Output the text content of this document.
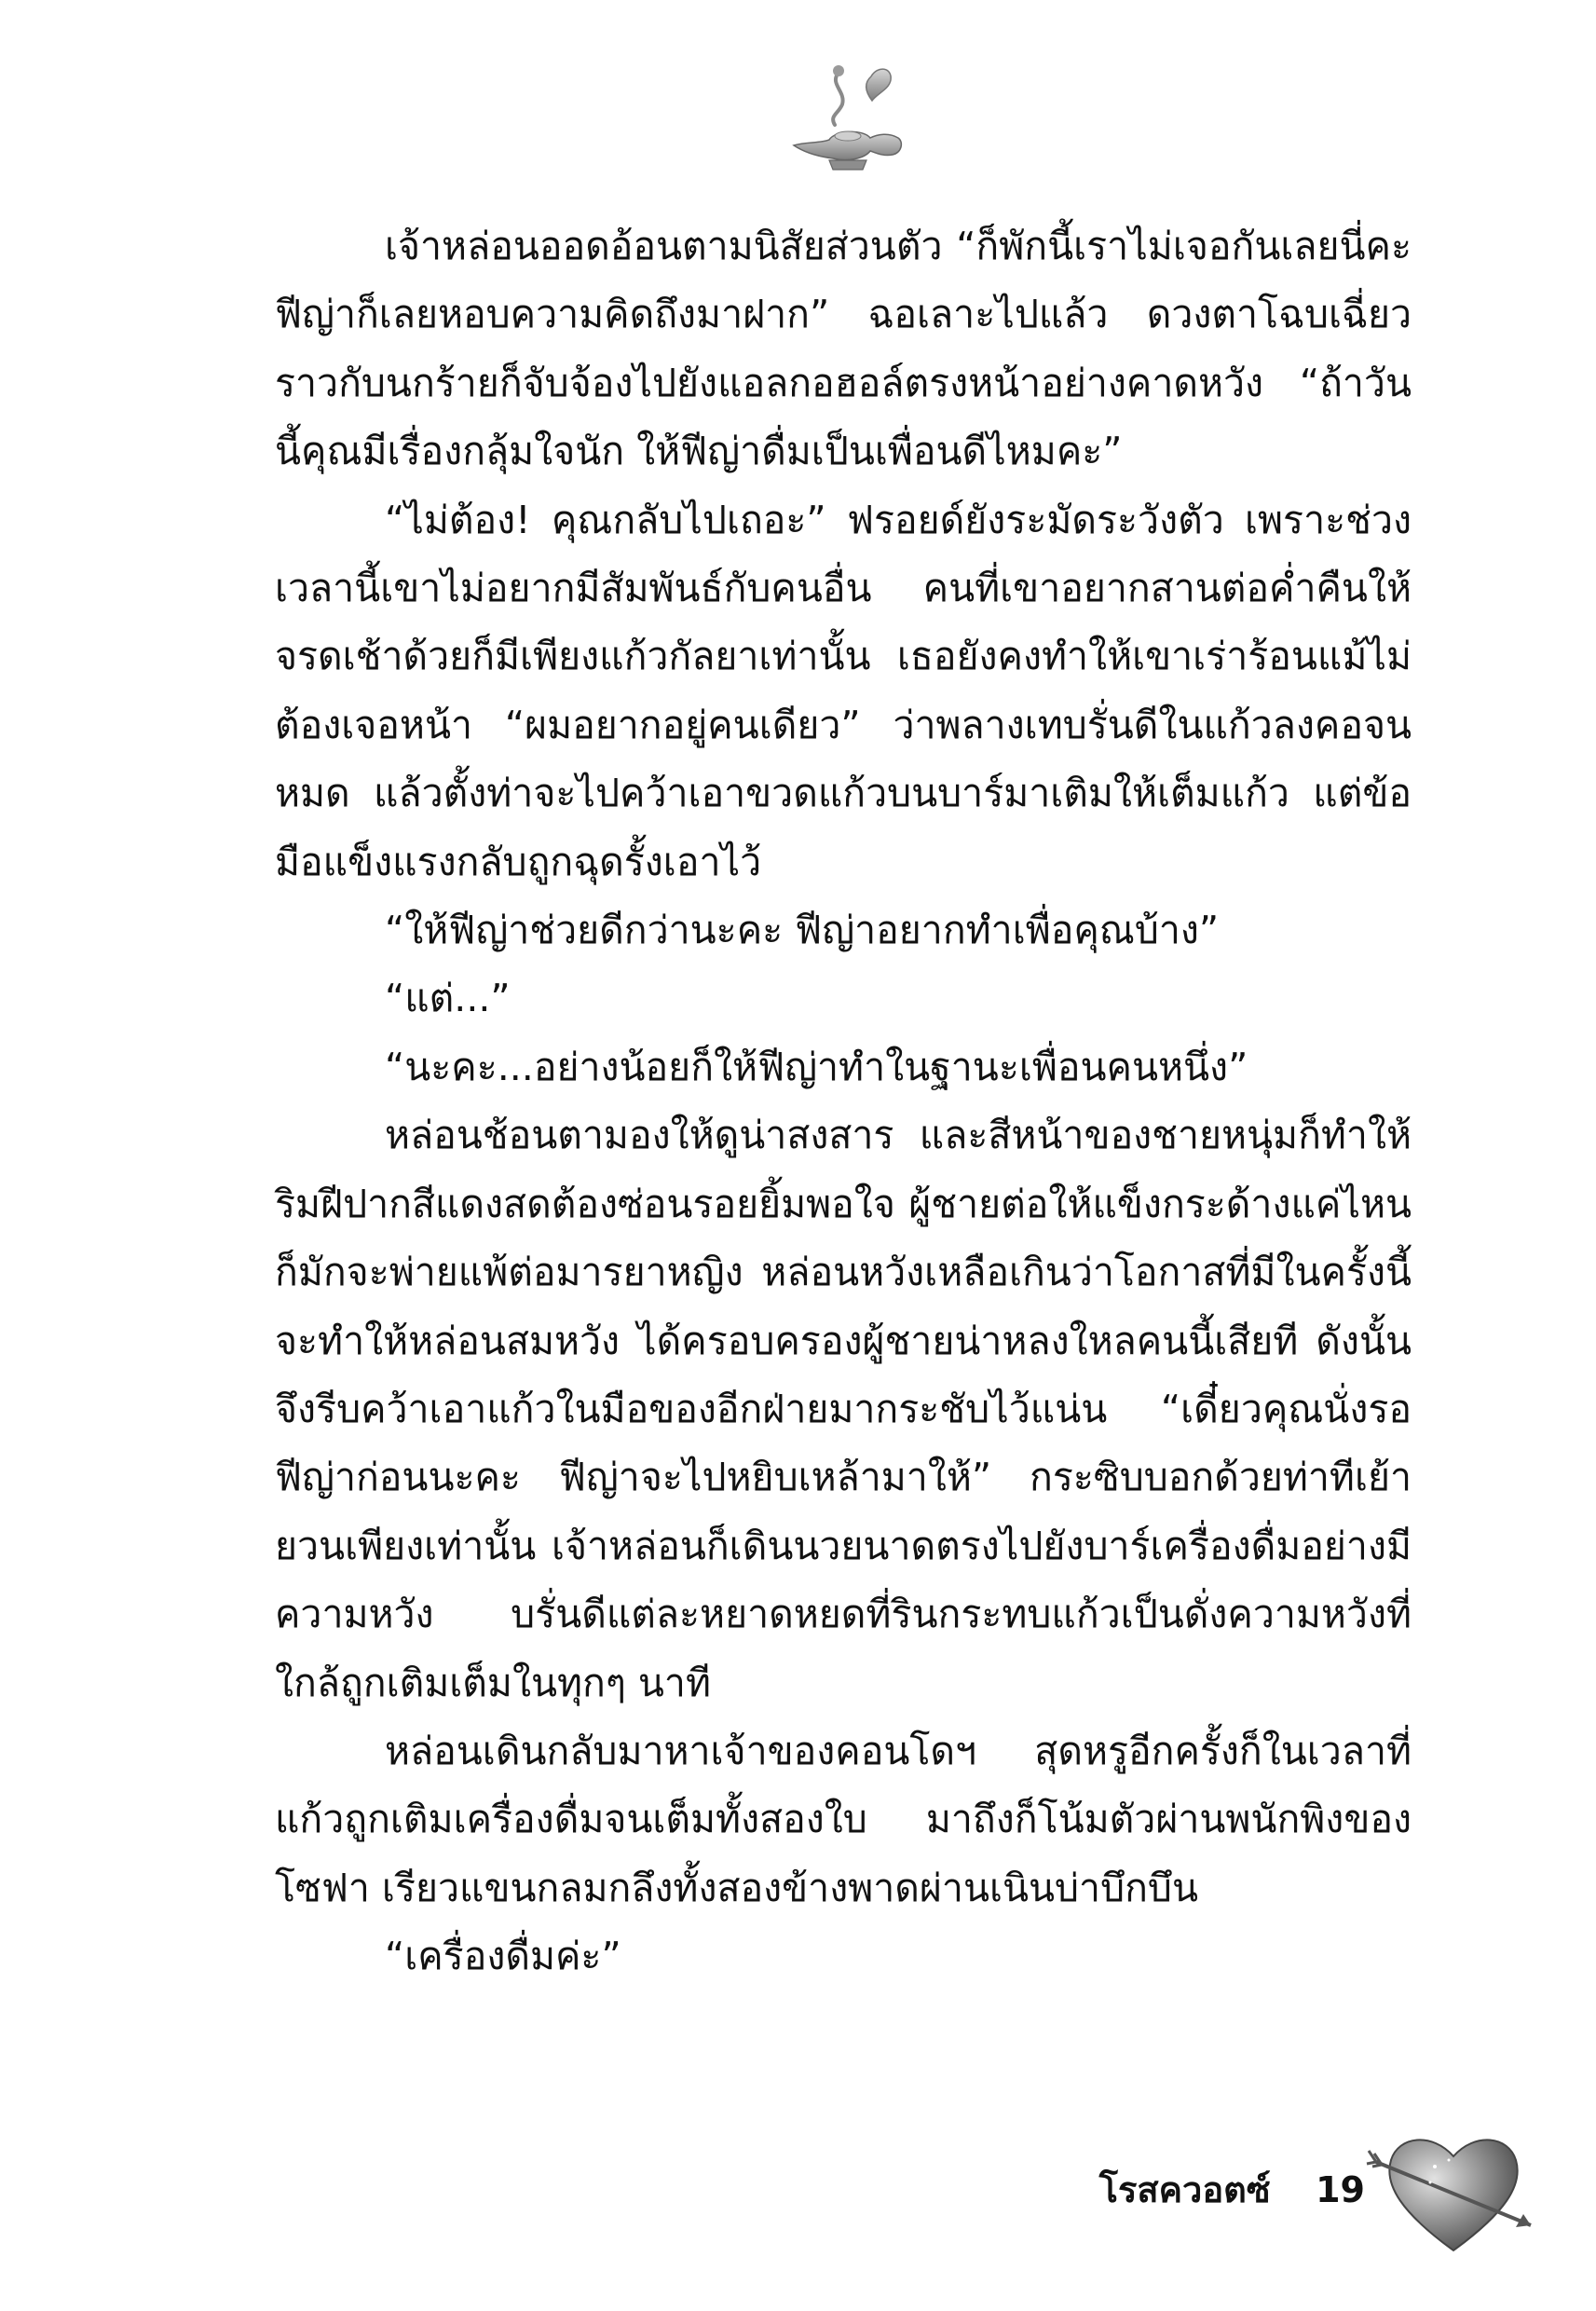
เจ้าหล่อนออดอ้อนตามนิสัยส่วนตัว “ก็พักนี้เราไม่เจอกันเลยนี่คะ ฟีญ่าก็เลยหอบความคิดถึงมาฝาก” ฉอเลาะไปแล้ว ดวงตาโฉบเฉี่ยวราวกับนกร้ายก็จับจ้องไปยังแอลกอฮอล์ตรงหน้าอย่างคาดหวัง “ถ้าวันนี้คุณมีเรื่องกลุ้มใจนัก ให้ฟีญ่าดื่มเป็นเพื่อนดีไหมคะ”

“ไม่ต้อง! คุณกลับไปเถอะ” ฟรอยด์ยังระมัดระวังตัว เพราะช่วงเวลานี้เขาไม่อยากมีสัมพันธ์กับคนอื่น คนที่เขาอยากสานต่อค่ำคืนให้จรดเช้าด้วยก็มีเพียงแก้วกัลยาเท่านั้น เธอยังคงทำให้เขาเร่าร้อนแม้ไม่ต้องเจอหน้า “ผมอยากอยู่คนเดียว” ว่าพลางเทบรั่นดีในแก้วลงคอจนหมด แล้วตั้งท่าจะไปคว้าเอาขวดแก้วบนบาร์มาเติมให้เต็มแก้ว แต่ข้อมือแข็งแรงกลับถูกฉุดรั้งเอาไว้

“ให้ฟีญ่าช่วยดีกว่านะคะ ฟีญ่าอยากทำเพื่อคุณบ้าง”

“แต่...”

“นะคะ...อย่างน้อยก็ให้ฟีญ่าทำในฐานะเพื่อนคนหนึ่ง”

หล่อนช้อนตามองให้ดูน่าสงสาร และสีหน้าของชายหนุ่มก็ทำให้ริมฝีปากสีแดงสดต้องซ่อนรอยยิ้มพอใจ ผู้ชายต่อให้แข็งกระด้างแค่ไหนก็มักจะพ่ายแพ้ต่อมารยาหญิง หล่อนหวังเหลือเกินว่าโอกาสที่มีในครั้งนี้จะทำให้หล่อนสมหวัง ได้ครอบครองผู้ชายน่าหลงใหลคนนี้เสียที ดังนั้นจึงรีบคว้าเอาแก้วในมือของอีกฝ่ายมากระชับไว้แน่น “เดี๋ยวคุณนั่งรอฟีญ่าก่อนนะคะ ฟีญ่าจะไปหยิบเหล้ามาให้” กระซิบบอกด้วยท่าทีเย้ายวนเพียงเท่านั้น เจ้าหล่อนก็เดินนวยนาดตรงไปยังบาร์เครื่องดื่มอย่างมีความหวัง บรั่นดีแต่ละหยาดหยดที่รินกระทบแก้วเป็นดั่งความหวังที่ใกล้ถูกเติมเต็มในทุกๆ นาที

หล่อนเดินกลับมาหาเจ้าของคอนโดฯ สุดหรูอีกครั้งก็ในเวลาที่แก้วถูกเติมเครื่องดื่มจนเต็มทั้งสองใบ มาถึงก็โน้มตัวผ่านพนักพิงของโซฟา เรียวแขนกลมกลึงทั้งสองข้างพาดผ่านเนินบ่าบึกบึน

“เครื่องดื่มค่ะ”

โรสควอตซ์ 19
